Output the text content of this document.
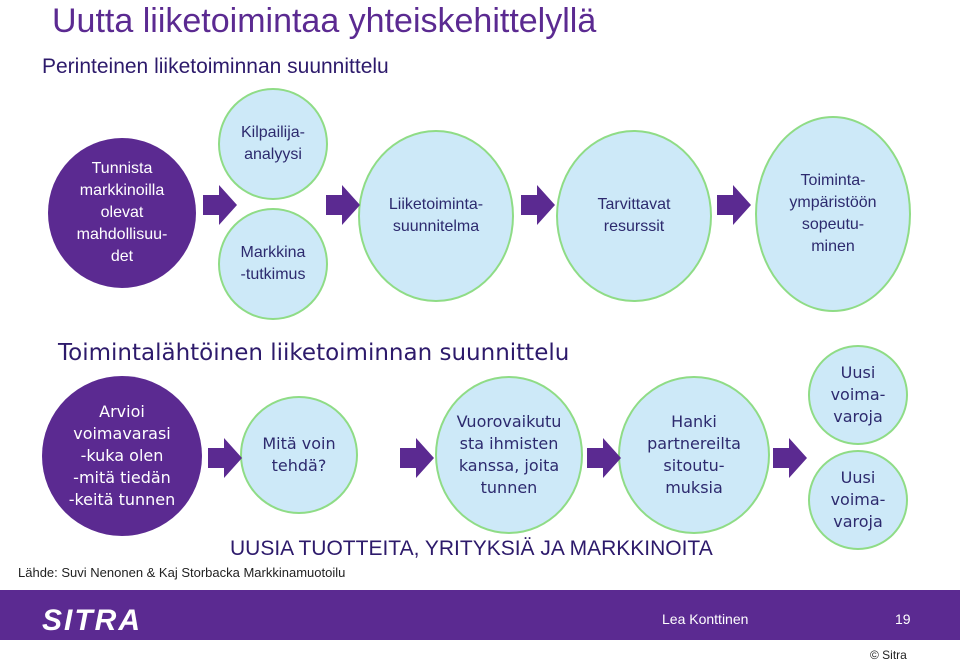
Uutta liiketoimintaa yhteiskehittelyllä
Perinteinen liiketoiminnan suunnittelu
Tunnista
markkinoilla
olevat
mahdollisuu-
det
Kilpailija-
analyysi
Markkina
-tutkimus
Liiketoiminta-
suunnitelma
Tarvittavat
resurssit
Toiminta-
ympäristöön
sopeutu-
minen
Toimintalähtöinen liiketoiminnan suunnittelu
Arvioi
voimavarasi
-kuka olen
-mitä tiedän
-keitä tunnen
Mitä voin
tehdä?
Vuorovaikutu
sta ihmisten
kanssa, joita
tunnen
Hanki
partnereilta
sitoutu-
muksia
Uusi
voima-
varoja
Uusi
voima-
varoja
UUSIA TUOTTEITA, YRITYKSIÄ JA MARKKINOITA
Lähde: Suvi Nenonen & Kaj Storbacka Markkinamuotoilu
SITRA	Lea Konttinen	19
© Sitra
